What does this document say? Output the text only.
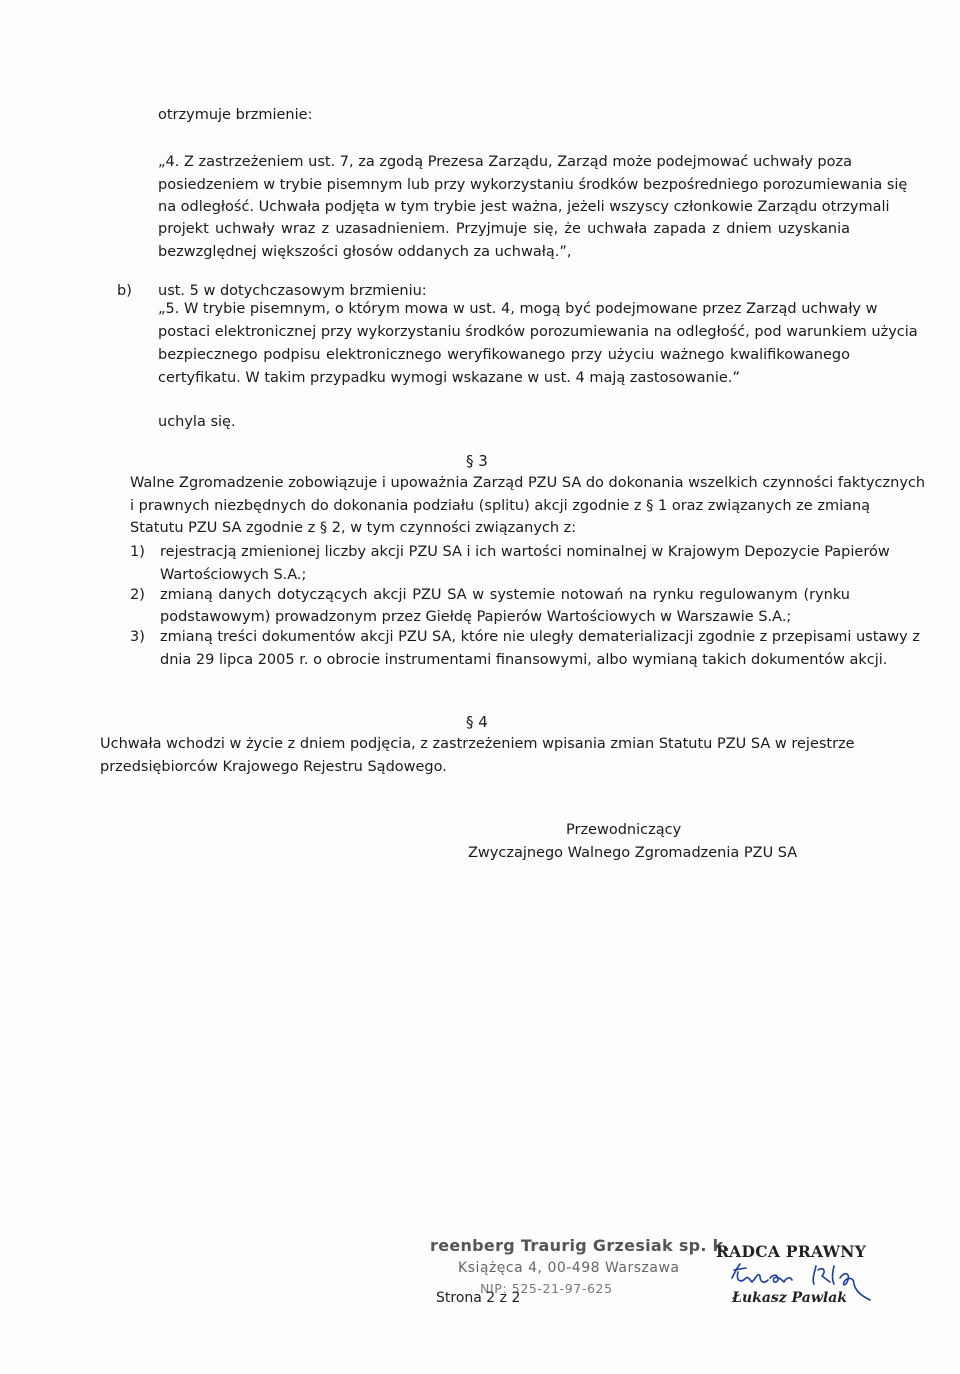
otrzymuje brzmienie:
„4. Z zastrzeżeniem ust. 7, za zgodą Prezesa Zarządu, Zarząd może podejmować uchwały poza
posiedzeniem w trybie pisemnym lub przy wykorzystaniu środków bezpośredniego porozumiewania się
na odległość. Uchwała podjęta w tym trybie jest ważna, jeżeli wszyscy członkowie Zarządu otrzymali
projekt uchwały wraz z uzasadnieniem. Przyjmuje się, że uchwała zapada z dniem uzyskania
bezwzględnej większości głosów oddanych za uchwałą.”,
b) ust. 5 w dotychczasowym brzmieniu:
„5. W trybie pisemnym, o którym mowa w ust. 4, mogą być podejmowane przez Zarząd uchwały w
postaci elektronicznej przy wykorzystaniu środków porozumiewania na odległość, pod warunkiem użycia
bezpiecznego podpisu elektronicznego weryfikowanego przy użyciu ważnego kwalifikowanego
certyfikatu. W takim przypadku wymogi wskazane w ust. 4 mają zastosowanie.”
uchyla się.
§ 3
Walne Zgromadzenie zobowiązuje i upoważnia Zarząd PZU SA do dokonania wszelkich czynności faktycznych
i prawnych niezbędnych do dokonania podziału (splitu) akcji zgodnie z § 1 oraz związanych ze zmianą
Statutu PZU SA zgodnie z § 2, w tym czynności związanych z:
1) rejestracją zmienionej liczby akcji PZU SA i ich wartości nominalnej w Krajowym Depozycie Papierów
Wartościowych S.A.;
2) zmianą danych dotyczących akcji PZU SA w systemie notowań na rynku regulowanym (rynku
podstawowym) prowadzonym przez Giełdę Papierów Wartościowych w Warszawie S.A.;
3) zmianą treści dokumentów akcji PZU SA, które nie uległy dematerializacji zgodnie z przepisami ustawy z
dnia 29 lipca 2005 r. o obrocie instrumentami finansowymi, albo wymianą takich dokumentów akcji.
§ 4
Uchwała wchodzi w życie z dniem podjęcia, z zastrzeżeniem wpisania zmian Statutu PZU SA w rejestrze
przedsiębiorców Krajowego Rejestru Sądowego.
Przewodniczący
Zwyczajnego Walnego Zgromadzenia PZU SA
reenberg Traurig Grzesiak sp. k.
Książęca 4, 00-498 Warszawa
NIP: 525-21-97-625
Strona 2 z 2
RADCA PRAWNY
Łukasz Pawlak
